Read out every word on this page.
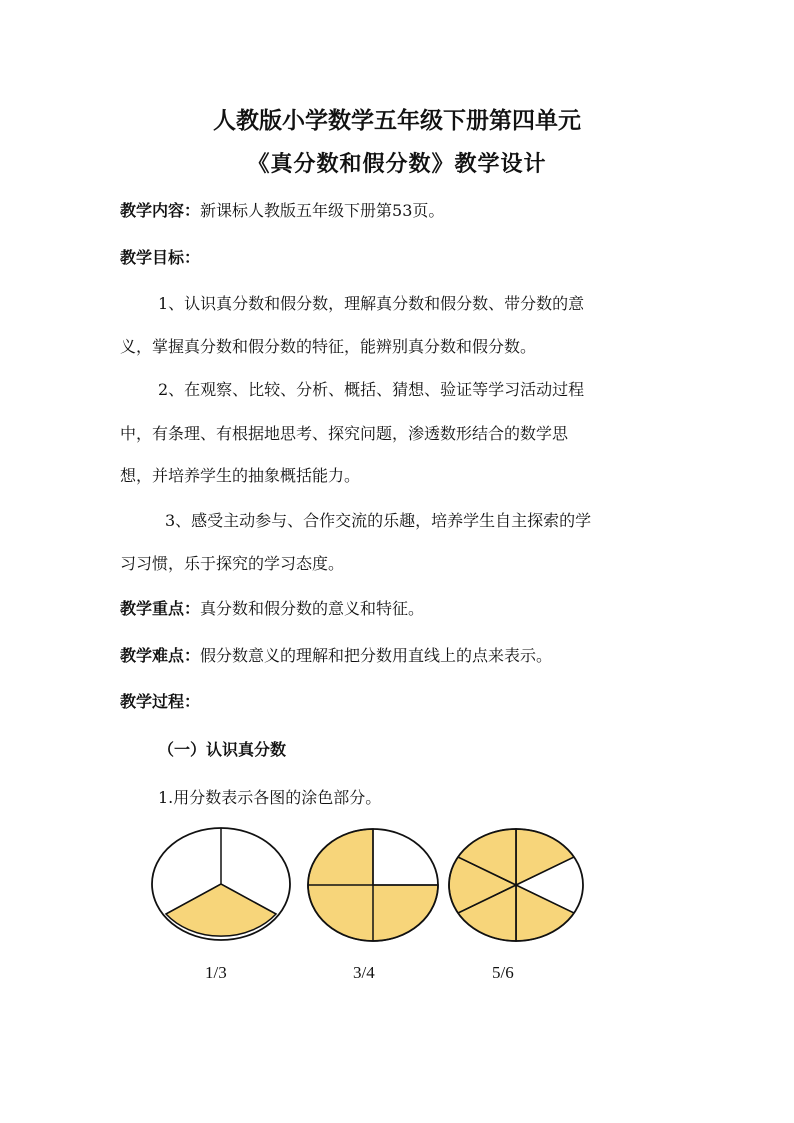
人教版小学数学五年级下册第四单元
《真分数和假分数》教学设计
教学内容：新课标人教版五年级下册第53页。
教学目标：
1、认识真分数和假分数，理解真分数和假分数、带分数的意
义，掌握真分数和假分数的特征，能辨别真分数和假分数。
2、在观察、比较、分析、概括、猜想、验证等学习活动过程
中，有条理、有根据地思考、探究问题，渗透数形结合的数学思
想，并培养学生的抽象概括能力。
3、感受主动参与、合作交流的乐趣，培养学生自主探索的学
习习惯，乐于探究的学习态度。
教学重点：真分数和假分数的意义和特征。
教学难点：假分数意义的理解和把分数用直线上的点来表示。
教学过程：
（一）认识真分数
1.用分数表示各图的涂色部分。
1/3	3/4	5/6
